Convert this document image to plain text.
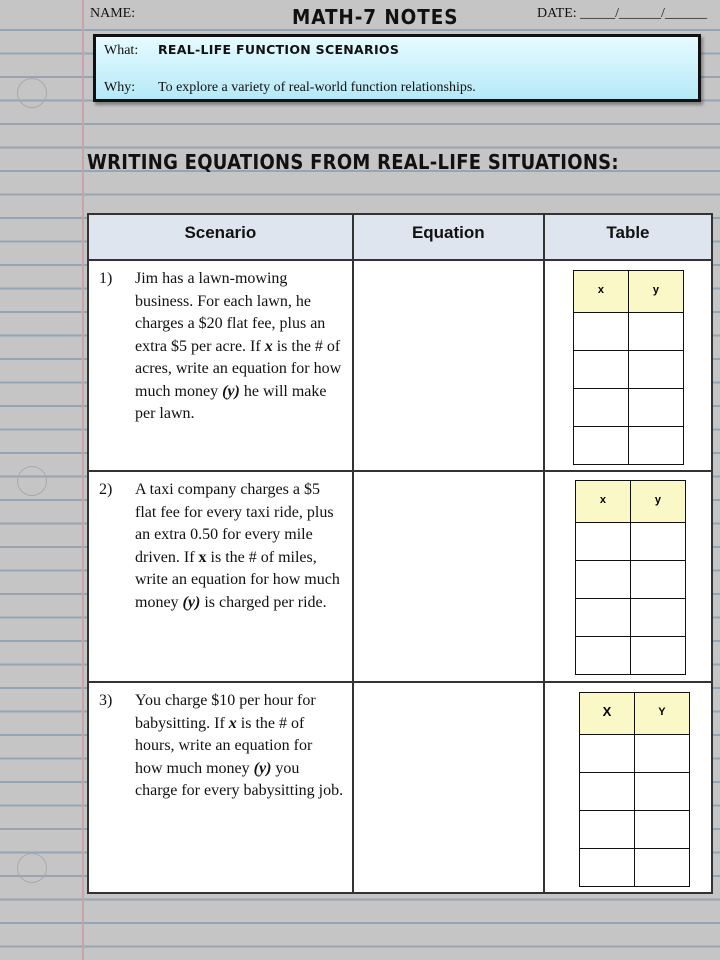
NAME:	MATH-7 NOTES	DATE: _____/______/______
What: REAL-LIFE FUNCTION SCENARIOS
Why: To explore a variety of real-world function relationships.
WRITING EQUATIONS FROM REAL-LIFE SITUATIONS:
Scenario	Equation	Table

1)	Jim has a lawn-mowing business. For each lawn, he charges a $20 flat fee, plus an extra $5 per acre. If x is the # of acres, write an equation for how much money (y) he will make per lawn.

x	y

2)	A taxi company charges a $5 flat fee for every taxi ride, plus an extra 0.50 for every mile driven. If x is the # of miles, write an equation for how much money (y) is charged per ride.

x	y

3)	You charge $10 per hour for babysitting. If x is the # of hours, write an equation for how much money (y) you charge for every babysitting job.

X	Y
